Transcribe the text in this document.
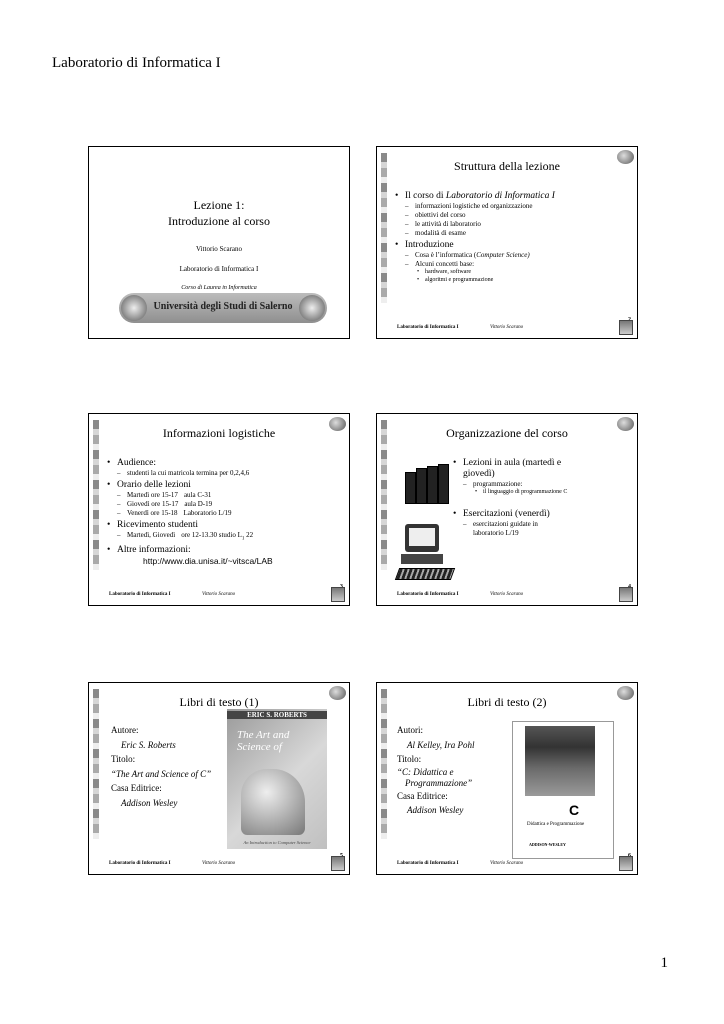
Laboratorio di Informatica I
Lezione 1:
Introduzione al corso
Vittorio Scarano
Laboratorio di Informatica I
Corso di Laurea in Informatica
Università degli Studi di Salerno
Struttura della lezione
• Il corso di Laboratorio di Informatica I
– informazioni logistiche ed organizzazione
– obiettivi del corso
– le attività di laboratorio
– modalità di esame
• Introduzione
– Cosa è l’informatica (Computer Science)
– Alcuni concetti base:
• hardware, software
• algoritmi e programmazione
Laboratorio di Informatica I	Vittorio Scarano
Informazioni logistiche
• Audience:
– studenti la cui matricola termina per 0,2,4,6
• Orario delle lezioni
– Martedì ore 15-17 aula C-31
– Giovedì ore 15-17 aula D-19
– Venerdì ore 15-18 Laboratorio L/19
• Ricevimento studenti
– Martedì, Giovedì ore 12-13.30 studio $L_1$ 22
• Altre informazioni:
http://www.dia.unisa.it/~vitsca/LAB
Laboratorio di Informatica I	Vittorio Scarano
Organizzazione del corso
• Lezioni in aula (martedì e
giovedì)
– programmazione:
• il linguaggio di programmazione C
• Esercitazioni (venerdì)
– esercitazioni guidate in
laboratorio L/19
Laboratorio di Informatica I	Vittorio Scarano
Libri di testo (1)
ERIC S. ROBERTS
The Art and
Science of
An Introduction to Computer Science
Autore:
Eric S. Roberts
Titolo:
“The Art and Science of C”
Casa Editrice:
Addison Wesley
Laboratorio di Informatica I	Vittorio Scarano
Libri di testo (2)
C
Didattica e Programmazione
ADDISON-WESLEY
Autori:
Al Kelley, Ira Pohl
Titolo:
“C: Didattica e
Programmazione”
Casa Editrice:
Addison Wesley
Laboratorio di Informatica I	Vittorio Scarano
1
